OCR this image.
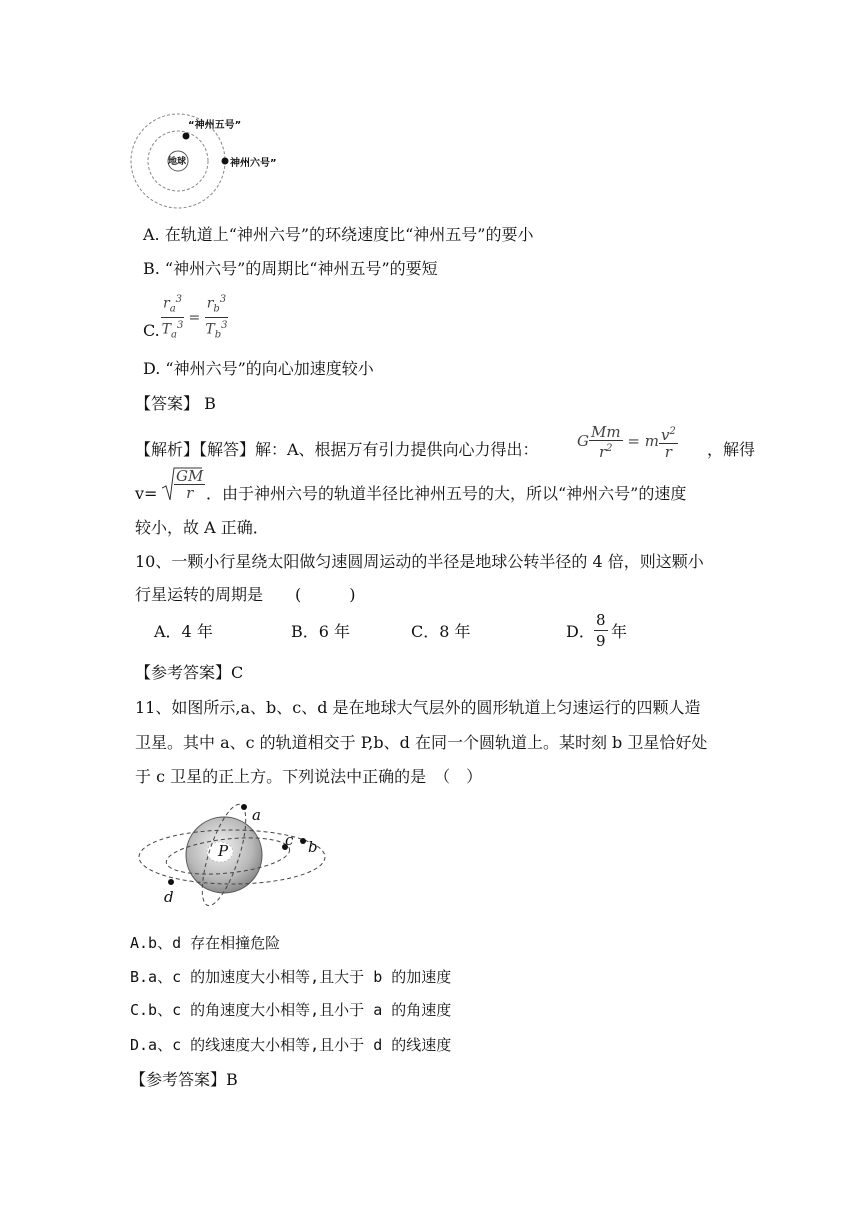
“神州五号”
地球	神州六号”
A. 在轨道上“神州六号”的环绕速度比“神州五号”的要小
B. “神州六号”的周期比“神州五号”的要短
C. $\frac{r_a^3}{T_a^3} = \frac{r_b^3}{T_b^3}$
D. “神州六号”的向心加速度较小
【答案】 B
【解析】【解答】解：A、根据万有引力提供向心力得出：	G $\frac{Mm}{r^2} = m \frac{v^2}{r}$ ，解得
$v= \frac{GM}{r}$ ．由于神州六号的轨道半径比神州五号的大，所以“神州六号”的速度
较小，故 A 正确．
10、一颗小行星绕太阳做匀速圆周运动的半径是地球公转半径的 4 倍，则这颗小
行星运转的周期是　　(　　　)
A．4 年	B．6 年	C．8 年	D． $\frac{8}{9}$ 年
【参考答案】C
11、如图所示,a、b、c、d 是在地球大气层外的圆形轨道上匀速运行的四颗人造
卫星。其中 a、c 的轨道相交于 P,b、d 在同一个圆轨道上。某时刻 b 卫星恰好处
于 c 卫星的正上方。下列说法中正确的是　（　）
a
c b
d
P
A.b、d 存在相撞危险
B.a、c 的加速度大小相等,且大于 b 的加速度
C.b、c 的角速度大小相等,且小于 a 的角速度
D.a、c 的线速度大小相等,且小于 d 的线速度
【参考答案】B
